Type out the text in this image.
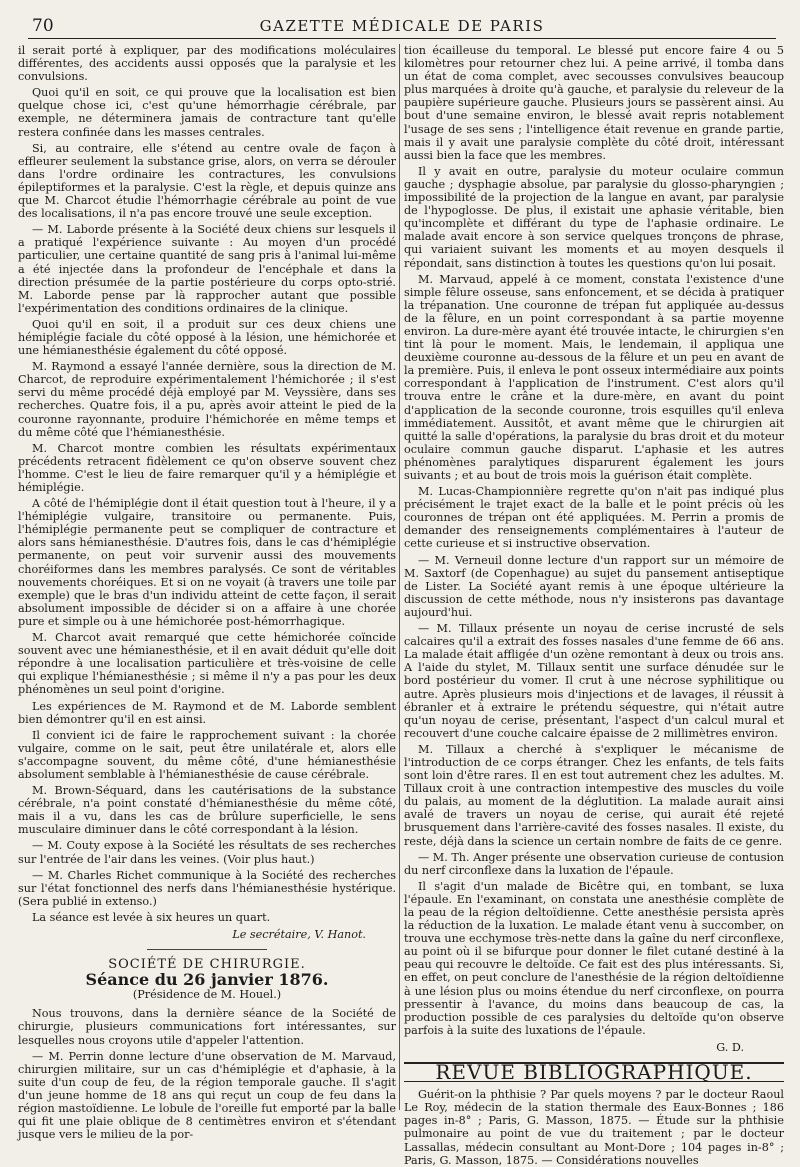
70	GAZETTE MÉDICALE DE PARIS

il serait porté à expliquer, par des modifications moléculaires différentes, des accidents aussi opposés que la paralysie et les convulsions.

Quoi qu'il en soit, ce qui prouve que la localisation est bien quelque chose ici, c'est qu'une hémorrhagie cérébrale, par exemple, ne déterminera jamais de contracture tant qu'elle restera confinée dans les masses centrales.

Si, au contraire, elle s'étend au centre ovale de façon à effleurer seulement la substance grise, alors, on verra se dérouler dans l'ordre ordinaire les contractures, les convulsions épileptiformes et la paralysie. C'est la règle, et depuis quinze ans que M. Charcot étudie l'hémorrhagie cérébrale au point de vue des localisations, il n'a pas encore trouvé une seule exception.

— M. Laborde présente à la Société deux chiens sur lesquels il a pratiqué l'expérience suivante : Au moyen d'un procédé particulier, une certaine quantité de sang pris à l'animal lui-même a été injectée dans la profondeur de l'encéphale et dans la direction présumée de la partie postérieure du corps opto-strié. M. Laborde pense par là rapprocher autant que possible l'expérimentation des conditions ordinaires de la clinique.

Quoi qu'il en soit, il a produit sur ces deux chiens une hémiplégie faciale du côté opposé à la lésion, une hémichorée et une hémianesthésie également du côté opposé.

M. Raymond a essayé l'année dernière, sous la direction de M. Charcot, de reproduire expérimentalement l'hémichorée ; il s'est servi du même procédé déjà employé par M. Veyssière, dans ses recherches. Quatre fois, il a pu, après avoir atteint le pied de la couronne rayonnante, produire l'hémichorée en même temps et du même côté que l'hémianesthésie.

M. Charcot montre combien les résultats expérimentaux précédents retracent fidèlement ce qu'on observe souvent chez l'homme. C'est le lieu de faire remarquer qu'il y a hémiplégie et hémiplégie.

A côté de l'hémiplégie dont il était question tout à l'heure, il y a l'hémiplégie vulgaire, transitoire ou permanente. Puis, l'hémiplégie permanente peut se compliquer de contracture et alors sans hémianesthésie. D'autres fois, dans le cas d'hémiplégie permanente, on peut voir survenir aussi des mouvements choréiformes dans les membres paralysés. Ce sont de véritables nouvements choréiques. Et si on ne voyait (à travers une toile par exemple) que le bras d'un individu atteint de cette façon, il serait absolument impossible de décider si on a affaire à une chorée pure et simple ou à une hémichorée post-hémorrhagique.

M. Charcot avait remarqué que cette hémichorée coïncide souvent avec une hémianesthésie, et il en avait déduit qu'elle doit répondre à une localisation particulière et très-voisine de celle qui explique l'hémianesthésie ; si même il n'y a pas pour les deux phénomènes un seul point d'origine.

Les expériences de M. Raymond et de M. Laborde semblent bien démontrer qu'il en est ainsi.

Il convient ici de faire le rapprochement suivant : la chorée vulgaire, comme on le sait, peut être unilatérale et, alors elle s'accompagne souvent, du même côté, d'une hémianesthésie absolument semblable à l'hémianesthésie de cause cérébrale.

M. Brown-Séquard, dans les cautérisations de la substance cérébrale, n'a point constaté d'hémianesthésie du même côté, mais il a vu, dans les cas de brûlure superficielle, le sens musculaire diminuer dans le côté correspondant à la lésion.

— M. Couty expose à la Société les résultats de ses recherches sur l'entrée de l'air dans les veines. (Voir plus haut.)

— M. Charles Richet communique à la Société des recherches sur l'état fonctionnel des nerfs dans l'hémianesthésie hystérique. (Sera publié in extenso.)

La séance est levée à six heures un quart.

Le secrétaire, V. Hanot.
SOCIÉTÉ DE CHIRURGIE.
Séance du 26 janvier 1876.
(Présidence de M. Houel.)

Nous trouvons, dans la dernière séance de la Société de chirurgie, plusieurs communications fort intéressantes, sur lesquelles nous croyons utile d'appeler l'attention.

— M. Perrin donne lecture d'une observation de M. Marvaud, chirurgien militaire, sur un cas d'hémiplégie et d'aphasie, à la suite d'un coup de feu, de la région temporale gauche. Il s'agit d'un jeune homme de 18 ans qui reçut un coup de feu dans la région mastoïdienne. Le lobule de l'oreille fut emporté par la balle qui fit une plaie oblique de 8 centimètres environ et s'étendant jusque vers le milieu de la por-

tion écailleuse du temporal. Le blessé put encore faire 4 ou 5 kilomètres pour retourner chez lui. A peine arrivé, il tomba dans un état de coma complet, avec secousses convulsives beaucoup plus marquées à droite qu'à gauche, et paralysie du releveur de la paupière supérieure gauche. Plusieurs jours se passèrent ainsi. Au bout d'une semaine environ, le blessé avait repris notablement l'usage de ses sens ; l'intelligence était revenue en grande partie, mais il y avait une paralysie complète du côté droit, intéressant aussi bien la face que les membres.

Il y avait en outre, paralysie du moteur oculaire commun gauche ; dysphagie absolue, par paralysie du glosso-pharyngien ; impossibilité de la projection de la langue en avant, par paralysie de l'hypoglosse. De plus, il existait une aphasie véritable, bien qu'incomplète et différant du type de l'aphasie ordinaire. Le malade avait encore à son service quelques tronçons de phrase, qui variaient suivant les moments et au moyen desquels il répondait, sans distinction à toutes les questions qu'on lui posait.

M. Marvaud, appelé à ce moment, constata l'existence d'une simple fêlure osseuse, sans enfoncement, et se décida à pratiquer la trépanation. Une couronne de trépan fut appliquée au-dessus de la fêlure, en un point correspondant à sa partie moyenne environ. La dure-mère ayant été trouvée intacte, le chirurgien s'en tint là pour le moment. Mais, le lendemain, il appliqua une deuxième couronne au-dessous de la fêlure et un peu en avant de la première. Puis, il enleva le pont osseux intermédiaire aux points correspondant à l'application de l'instrument. C'est alors qu'il trouva entre le crâne et la dure-mère, en avant du point d'application de la seconde couronne, trois esquilles qu'il enleva immédiatement. Aussitôt, et avant même que le chirurgien ait quitté la salle d'opérations, la paralysie du bras droit et du moteur oculaire commun gauche disparut. L'aphasie et les autres phénomènes paralytiques disparurent également les jours suivants ; et au bout de trois mois la guérison était complète.

M. Lucas-Championnière regrette qu'on n'ait pas indiqué plus précisément le trajet exact de la balle et le point précis où les couronnes de trépan ont été appliquées. M. Perrin a promis de demander des renseignements complémentaires à l'auteur de cette curieuse et si instructive observation.

— M. Verneuil donne lecture d'un rapport sur un mémoire de M. Saxtorf (de Copenhague) au sujet du pansement antiseptique de Lister. La Société ayant remis à une époque ultérieure la discussion de cette méthode, nous n'y insisterons pas davantage aujourd'hui.

— M. Tillaux présente un noyau de cerise incrusté de sels calcaires qu'il a extrait des fosses nasales d'une femme de 66 ans. La malade était affligée d'un ozène remontant à deux ou trois ans. A l'aide du stylet, M. Tillaux sentit une surface dénudée sur le bord postérieur du vomer. Il crut à une nécrose syphilitique ou autre. Après plusieurs mois d'injections et de lavages, il réussit à ébranler et à extraire le prétendu séquestre, qui n'était autre qu'un noyau de cerise, présentant, l'aspect d'un calcul mural et recouvert d'une couche calcaire épaisse de 2 millimètres environ.

M. Tillaux a cherché à s'expliquer le mécanisme de l'introduction de ce corps étranger. Chez les enfants, de tels faits sont loin d'être rares. Il en est tout autrement chez les adultes. M. Tillaux croit à une contraction intempestive des muscles du voile du palais, au moment de la déglutition. La malade aurait ainsi avalé de travers un noyau de cerise, qui aurait été rejeté brusquement dans l'arrière-cavité des fosses nasales. Il existe, du reste, déjà dans la science un certain nombre de faits de ce genre.

— M. Th. Anger présente une observation curieuse de contusion du nerf circonflexe dans la luxation de l'épaule.

Il s'agit d'un malade de Bicêtre qui, en tombant, se luxa l'épaule. En l'examinant, on constata une anesthésie complète de la peau de la région deltoïdienne. Cette anesthésie persista après la réduction de la luxation. Le malade étant venu à succomber, on trouva une ecchymose très-nette dans la gaîne du nerf circonflexe, au point où il se bifurque pour donner le filet cutané destiné à la peau qui recouvre le deltoïde. Ce fait est des plus intéressants. Si, en effet, on peut conclure de l'anesthésie de la région deltoïdienne à une lésion plus ou moins étendue du nerf circonflexe, on pourra pressentir à l'avance, du moins dans beaucoup de cas, la production possible de ces paralysies du deltoïde qu'on observe parfois à la suite des luxations de l'épaule.

G. D.
REVUE BIBLIOGRAPHIQUE.

Guérit-on la phthisie ? Par quels moyens ? par le docteur Raoul Le Roy, médecin de la station thermale des Eaux-Bonnes ; 186 pages in-8° ; Paris, G. Masson, 1875. — Étude sur la phthisie pulmonaire au point de vue du traitement ; par le docteur Lassallas, médecin consultant au Mont-Dore ; 104 pages in-8° ; Paris, G. Masson, 1875. — Considérations nouvelles
